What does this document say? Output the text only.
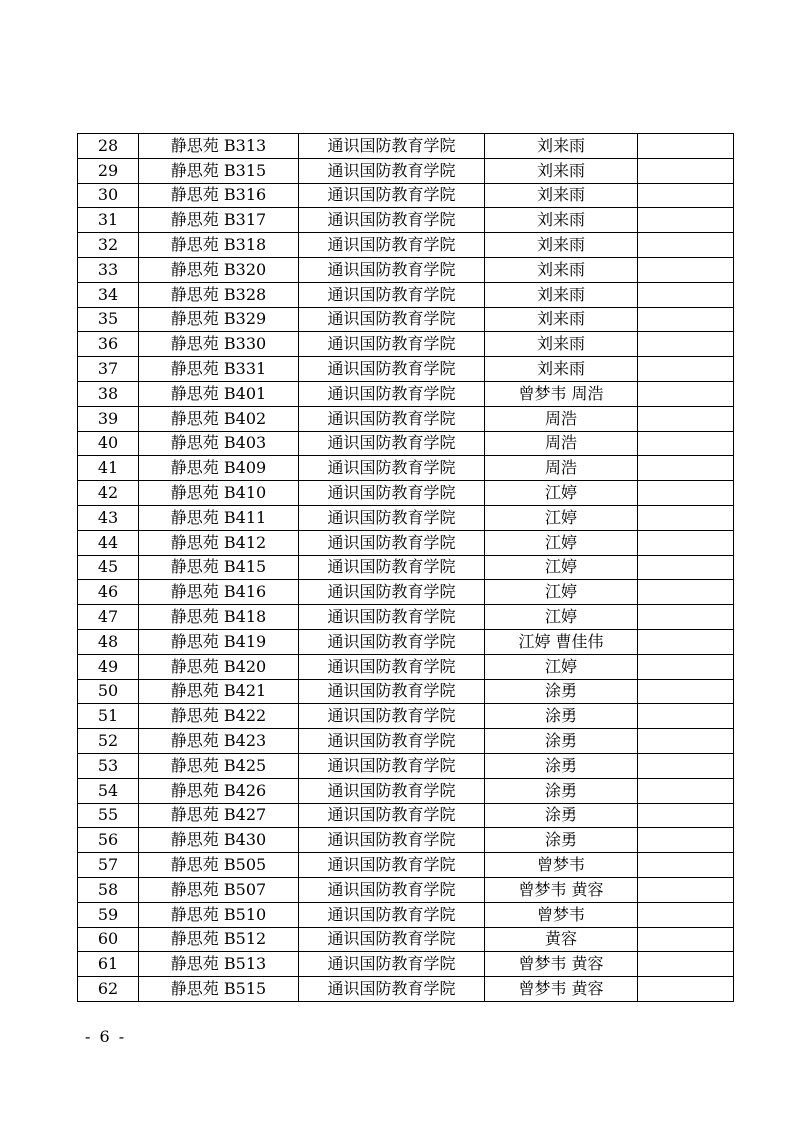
28	静思苑 B313	通识国防教育学院	刘来雨	
29	静思苑 B315	通识国防教育学院	刘来雨	
30	静思苑 B316	通识国防教育学院	刘来雨	
31	静思苑 B317	通识国防教育学院	刘来雨	
32	静思苑 B318	通识国防教育学院	刘来雨	
33	静思苑 B320	通识国防教育学院	刘来雨	
34	静思苑 B328	通识国防教育学院	刘来雨	
35	静思苑 B329	通识国防教育学院	刘来雨	
36	静思苑 B330	通识国防教育学院	刘来雨	
37	静思苑 B331	通识国防教育学院	刘来雨	
38	静思苑 B401	通识国防教育学院	曾梦韦 周浩	
39	静思苑 B402	通识国防教育学院	周浩	
40	静思苑 B403	通识国防教育学院	周浩	
41	静思苑 B409	通识国防教育学院	周浩	
42	静思苑 B410	通识国防教育学院	江婷	
43	静思苑 B411	通识国防教育学院	江婷	
44	静思苑 B412	通识国防教育学院	江婷	
45	静思苑 B415	通识国防教育学院	江婷	
46	静思苑 B416	通识国防教育学院	江婷	
47	静思苑 B418	通识国防教育学院	江婷	
48	静思苑 B419	通识国防教育学院	江婷 曹佳伟	
49	静思苑 B420	通识国防教育学院	江婷	
50	静思苑 B421	通识国防教育学院	涂勇	
51	静思苑 B422	通识国防教育学院	涂勇	
52	静思苑 B423	通识国防教育学院	涂勇	
53	静思苑 B425	通识国防教育学院	涂勇	
54	静思苑 B426	通识国防教育学院	涂勇	
55	静思苑 B427	通识国防教育学院	涂勇	
56	静思苑 B430	通识国防教育学院	涂勇	
57	静思苑 B505	通识国防教育学院	曾梦韦	
58	静思苑 B507	通识国防教育学院	曾梦韦 黄容	
59	静思苑 B510	通识国防教育学院	曾梦韦	
60	静思苑 B512	通识国防教育学院	黄容	
61	静思苑 B513	通识国防教育学院	曾梦韦 黄容	
62	静思苑 B515	通识国防教育学院	曾梦韦 黄容	
- 6 -
